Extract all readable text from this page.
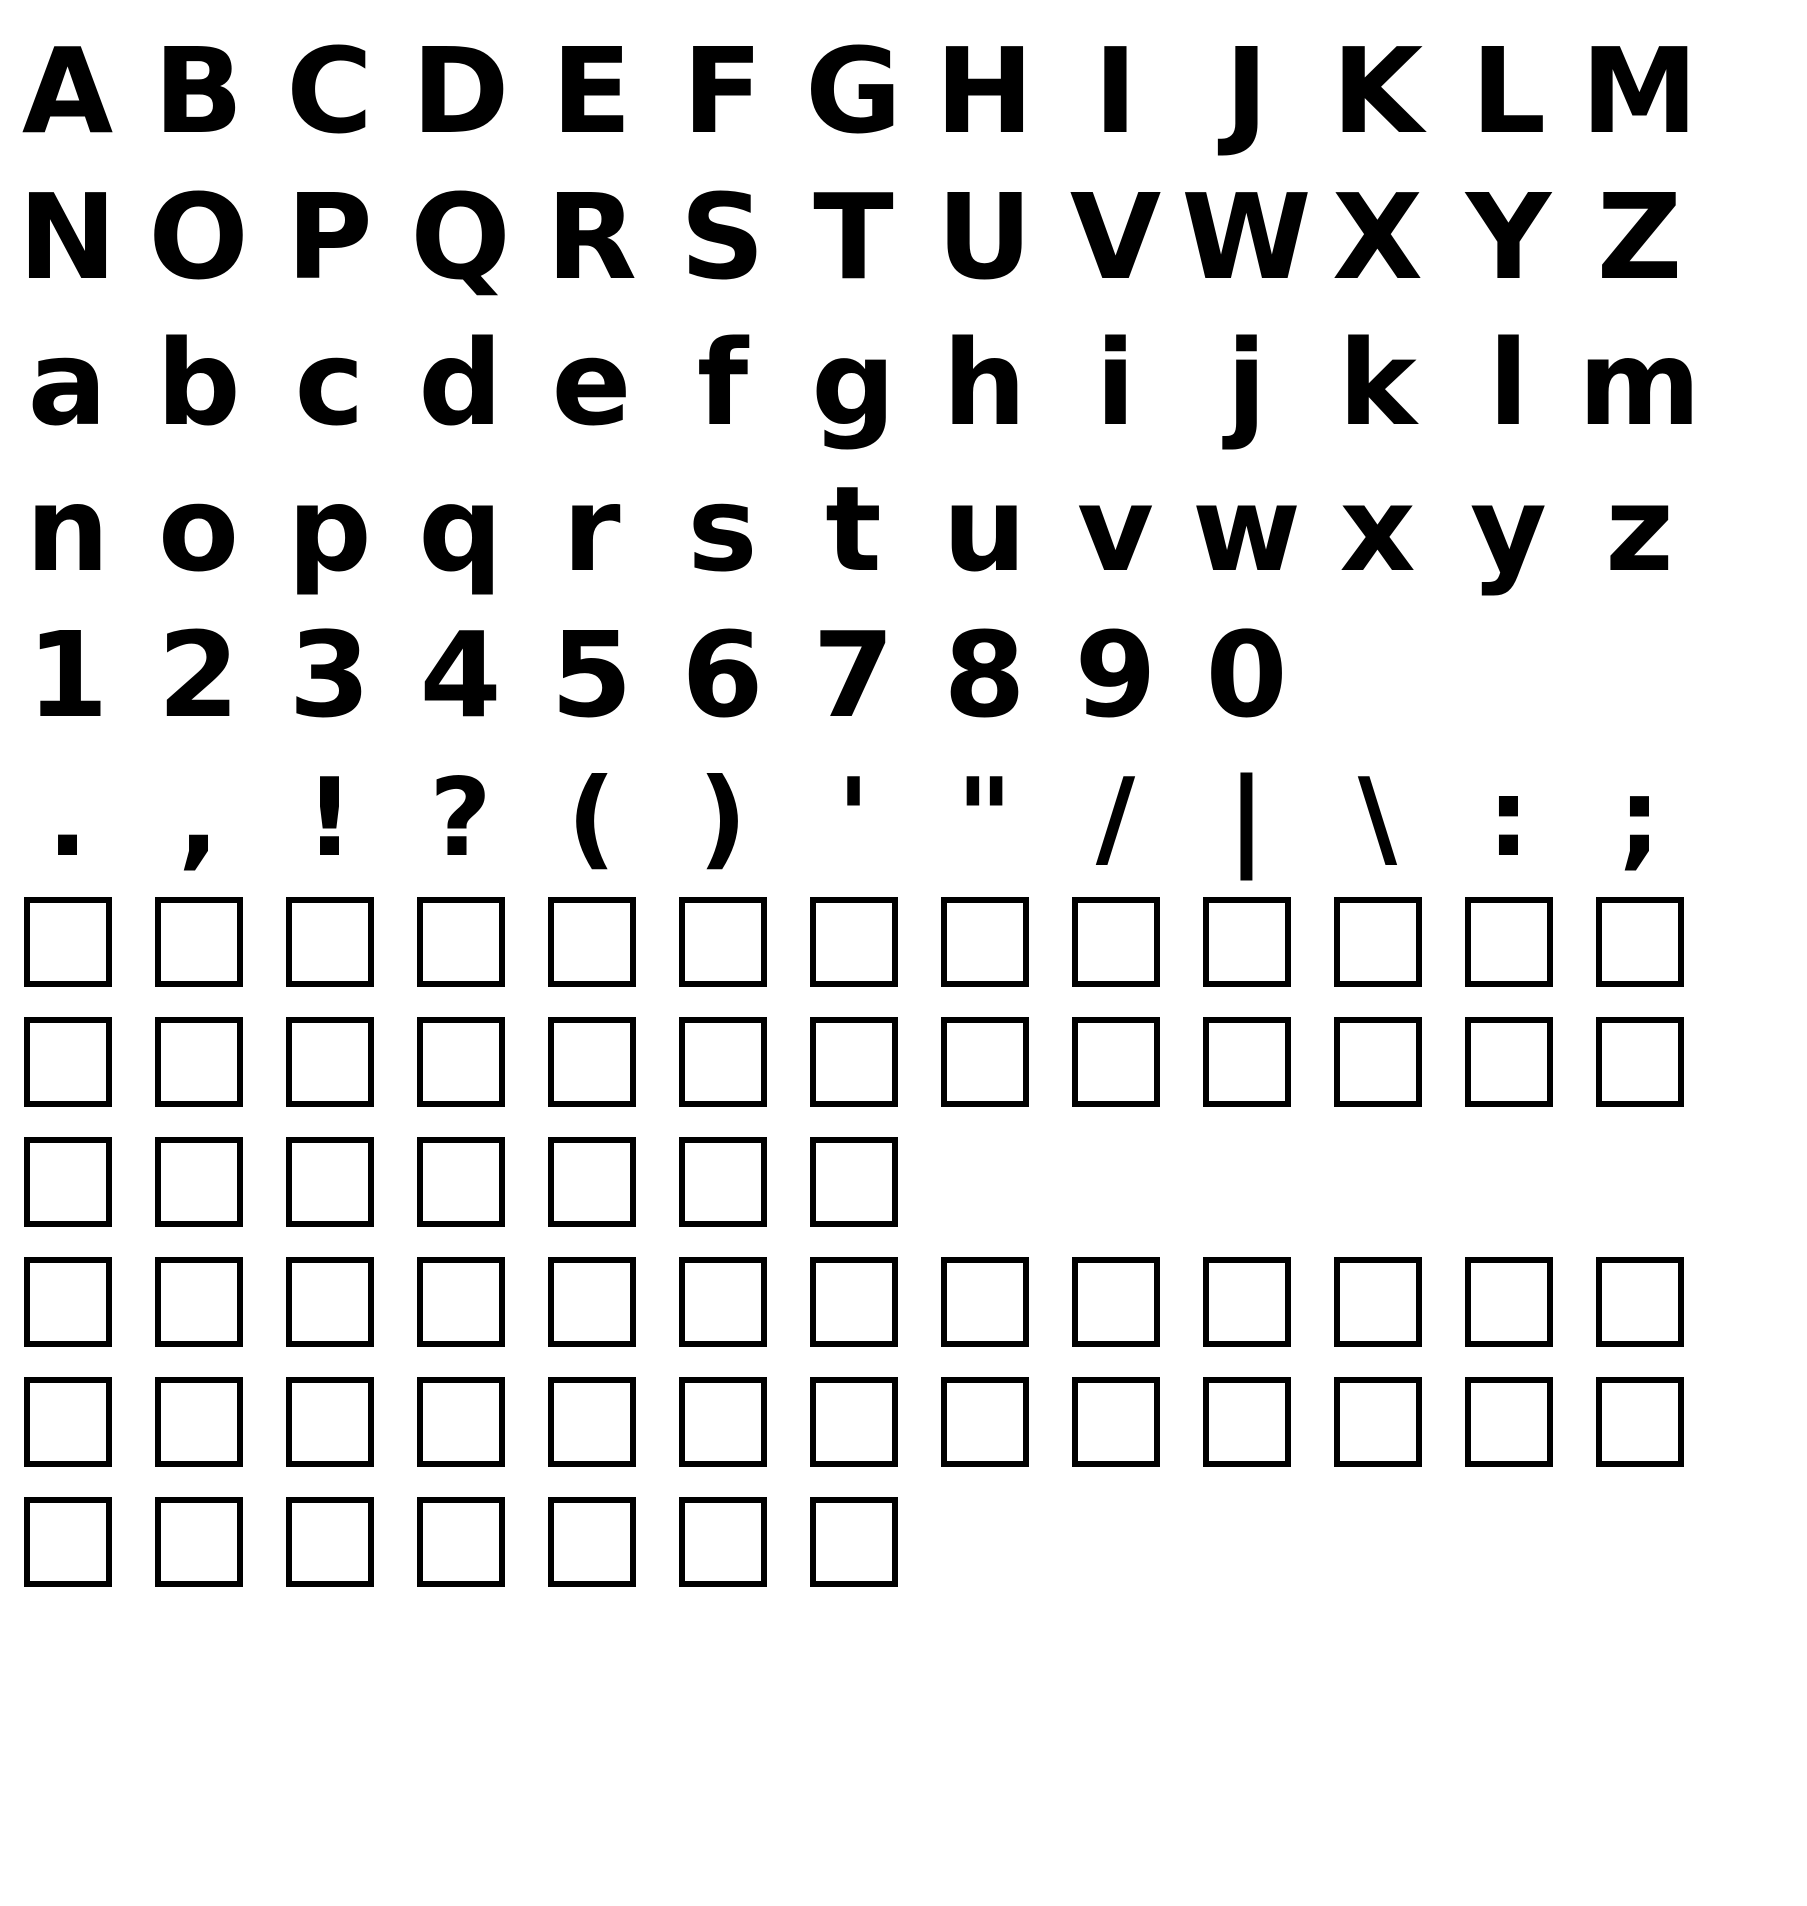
A B C D E F G H I J K L M
N O P Q R S T U V W X Y Z
a b c d e f g h i j k l m
n o p q r s t u v w x y z
1 2 3 4 5 6 7 8 9 0
. , ! ? ( ) ' " / | \ : ;
